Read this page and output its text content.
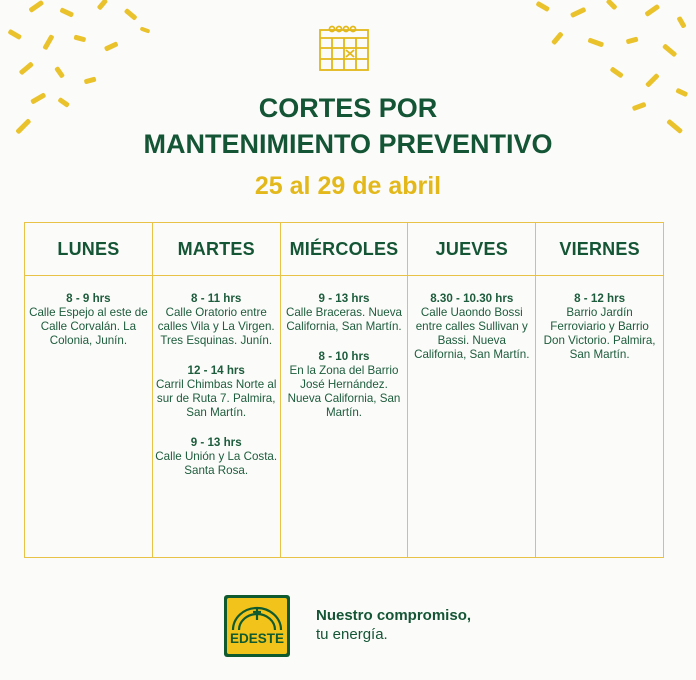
CORTES POR
MANTENIMIENTO PREVENTIVO
25 al 29 de abril
LUNES
8 - 9 hrs
Calle Espejo al este de Calle Corvalán. La Colonia, Junín.
MARTES
8 - 11 hrs
Calle Oratorio entre calles Vila y La Virgen. Tres Esquinas. Junín.
12 - 14 hrs
Carril Chimbas Norte al sur de Ruta 7. Palmira, San Martín.
9 - 13 hrs
Calle Unión y La Costa. Santa Rosa.
MIÉRCOLES
9 - 13 hrs
Calle Braceras. Nueva California, San Martín.
8 - 10 hrs
En la Zona del Barrio José Hernández. Nueva California, San Martín.
JUEVES
8.30 - 10.30 hrs
Calle Uaondo Bossi entre calles Sullivan y Bassi. Nueva California, San Martín.
VIERNES
8 - 12 hrs
Barrio Jardín Ferroviario y Barrio Don Victorio. Palmira, San Martín.
EDESTE
Nuestro compromiso,
tu energía.
